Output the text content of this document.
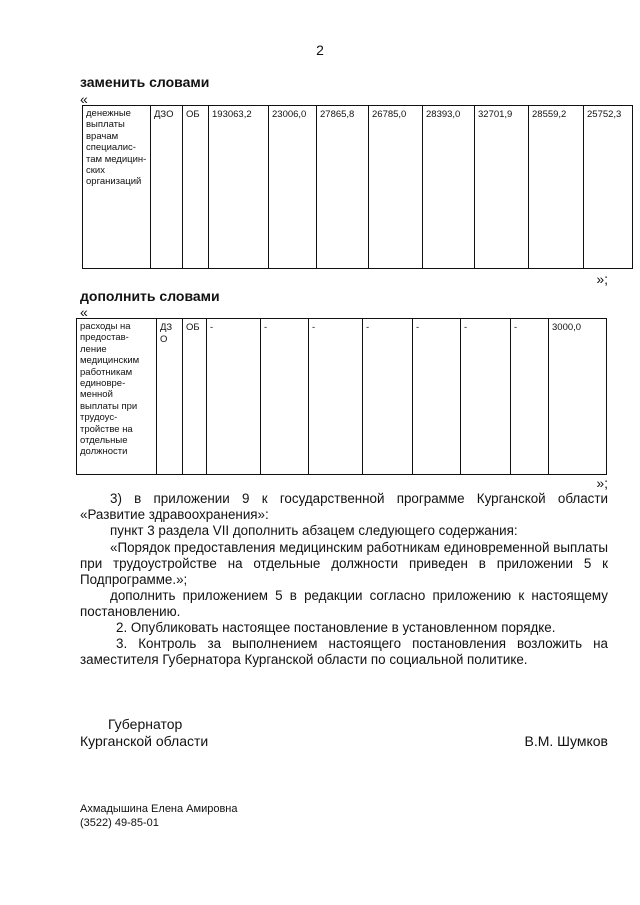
2
заменить словами
«
денежные выплаты врачам специалис-там медицин-ских организаций	ДЗО	ОБ	193063,2	23006,0	27865,8	26785,0	28393,0	32701,9	28559,2	25752,3
»;
дополнить словами
«
расходы на предостав-ление медицинским работникам единовре-менной выплаты при трудоус-тройстве на отдельные должности	ДЗО	ОБ	-	-	-	-	-	-	-	3000,0
»;
3) в приложении 9 к государственной программе Курганской области «Развитие здравоохранения»:
пункт 3 раздела VII дополнить абзацем следующего содержания:
«Порядок предоставления медицинским работникам единовременной выплаты при трудоустройстве на отдельные должности приведен в приложении 5 к Подпрограмме.»;
дополнить приложением 5 в редакции согласно приложению к настоящему постановлению.
2. Опубликовать настоящее постановление в установленном порядке.
3. Контроль за выполнением настоящего постановления возложить на заместителя Губернатора Курганской области по социальной политике.
Губернатор
Курганской области	В.М. Шумков
Ахмадышина Елена Амировна
(3522) 49-85-01
